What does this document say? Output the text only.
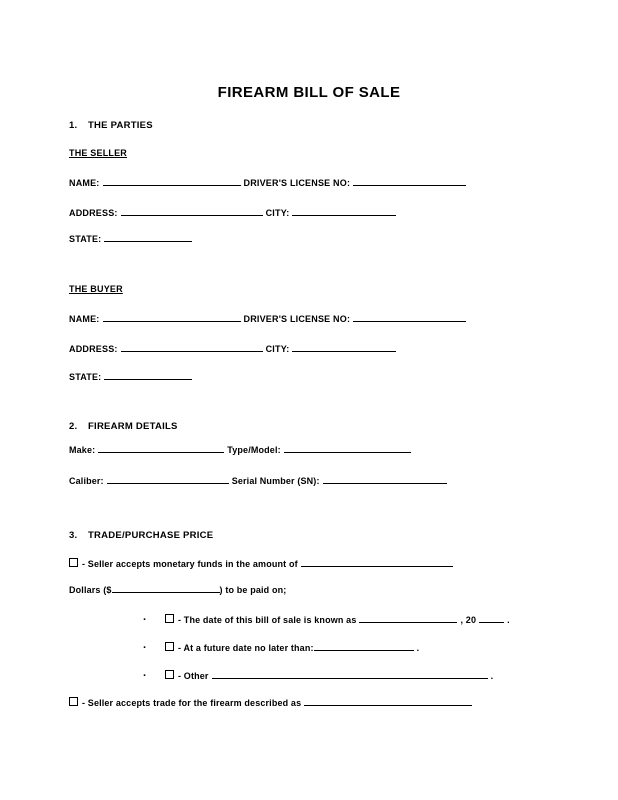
FIREARM BILL OF SALE
1. THE PARTIES
THE SELLER
NAME:	DRIVER'S LICENSE NO:
ADDRESS:	CITY:
STATE:
THE BUYER
NAME:	DRIVER'S LICENSE NO:
ADDRESS:	CITY:
STATE:
2. FIREARM DETAILS
Make:	Type/Model:
Caliber:	Serial Number (SN):
3. TRADE/PURCHASE PRICE
- Seller accepts monetary funds in the amount of
Dollars ($	) to be paid on;
·
- The date of this bill of sale is known as	, 20	.
·
- At a future date no later than:	.
·
- Other	.
- Seller accepts trade for the firearm described as
